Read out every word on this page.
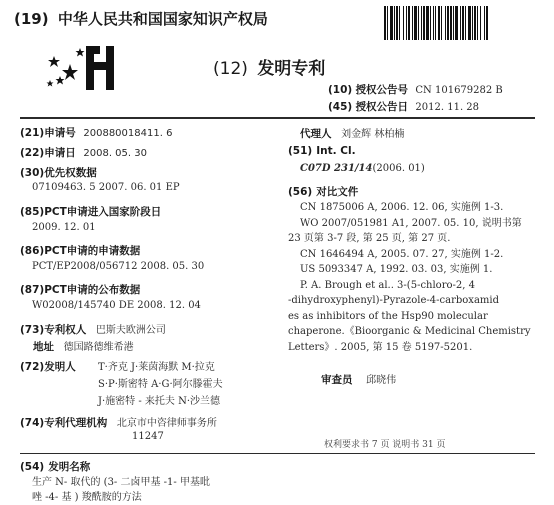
(19) 中华人民共和国国家知识产权局
(12) 发明专利
(10) 授权公告号 CN 101679282 B
(45) 授权公告日 2012. 11. 28
(21)申请号 200880018411. 6
(22)申请日 2008. 05. 30
(30)优先权数据
07109463. 5 2007. 06. 01 EP
(85)PCT申请进入国家阶段日
2009. 12. 01
(86)PCT申请的申请数据
PCT/EP2008/056712 2008. 05. 30
(87)PCT申请的公布数据
W02008/145740 DE 2008. 12. 04
(73)专利权人 巴斯夫欧洲公司
地址 德国路德维希港
(72)发明人 T·齐克 J·莱茵海默 M·拉克
S·P·斯密特 A·G·阿尔滕霍夫
J·施密特 - 来托夫 N·沙兰德
(74)专利代理机构 北京市中咨律师事务所
11247
代理人 刘金辉 林柏楠
(51) Int. Cl.
C07D 231/14(2006. 01)
(56) 对比文件
CN 1875006 A, 2006. 12. 06, 实施例 1-3.
WO 2007/051981 A1, 2007. 05. 10, 说明书第
23 页第 3-7 段, 第 25 页, 第 27 页.
CN 1646494 A, 2005. 07. 27, 实施例 1-2.
US 5093347 A, 1992. 03. 03, 实施例 1.
P. A. Brough et al.. 3-(5-chloro-2, 4
-dihydroxyphenyl)-Pyrazole-4-carboxamid
es as inhibitors of the Hsp90 molecular
chaperone.《Bioorganic & Medicinal Chemistry
Letters》. 2005, 第 15 卷 5197-5201.
审查员 邱晓伟
权利要求书 7 页 说明书 31 页
(54) 发明名称
生产 N- 取代的 (3- 二卤甲基 -1- 甲基吡
唑 -4- 基 ) 羧酰胺的方法
